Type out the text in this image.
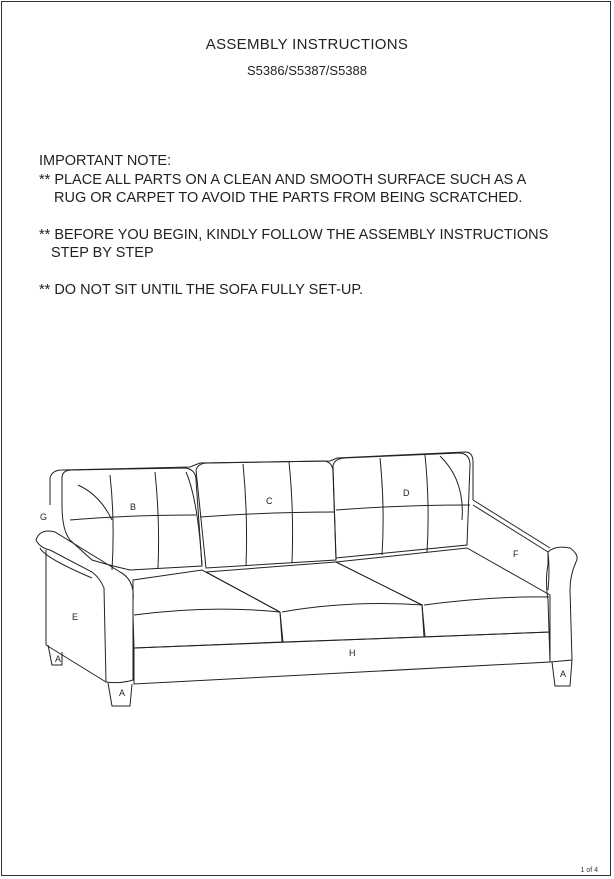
ASSEMBLY INSTRUCTIONS
S5386/S5387/S5388

IMPORTANT NOTE:

** PLACE ALL PARTS ON A CLEAN AND SMOOTH SURFACE SUCH AS A

RUG OR CARPET TO AVOID THE PARTS FROM BEING SCRATCHED.

** BEFORE YOU BEGIN, KINDLY FOLLOW THE ASSEMBLY INSTRUCTIONS

STEP BY STEP

** DO NOT SIT UNTIL THE SOFA FULLY SET-UP.

B
C
D
G
F
E
H
A
A
A
1 of 4
